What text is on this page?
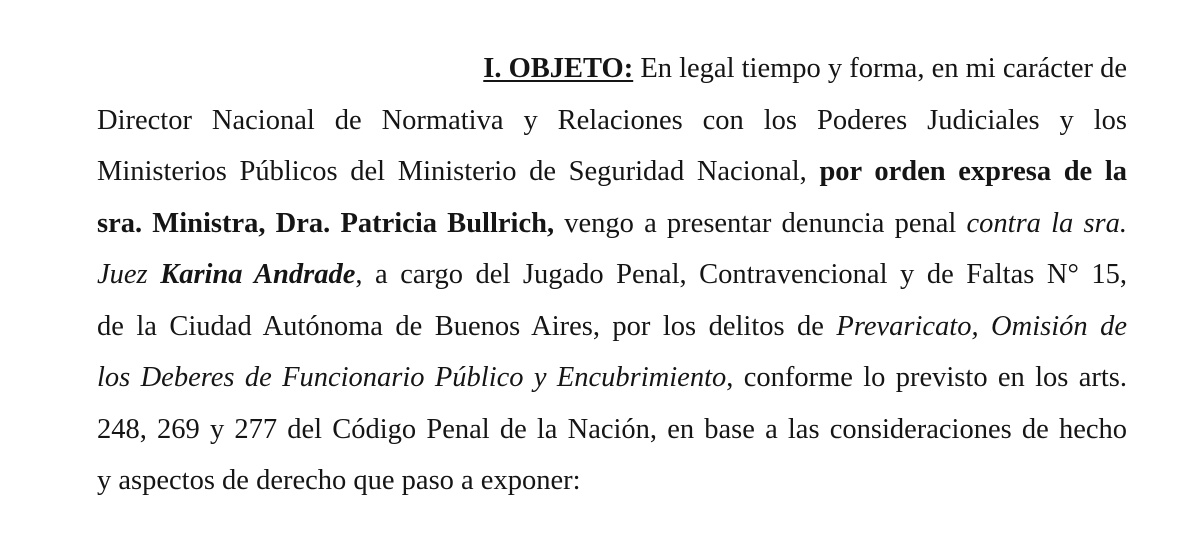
I. OBJETO: En legal tiempo y forma, en mi carácter de
Director Nacional de Normativa y Relaciones con los Poderes Judiciales y los
Ministerios Públicos del Ministerio de Seguridad Nacional, por orden expresa de la
sra. Ministra, Dra. Patricia Bullrich, vengo a presentar denuncia penal contra la sra.
Juez Karina Andrade, a cargo del Jugado Penal, Contravencional y de Faltas N° 15,
de la Ciudad Autónoma de Buenos Aires, por los delitos de Prevaricato, Omisión de
los Deberes de Funcionario Público y Encubrimiento, conforme lo previsto en los arts.
248, 269 y 277 del Código Penal de la Nación, en base a las consideraciones de hecho
y aspectos de derecho que paso a exponer:
